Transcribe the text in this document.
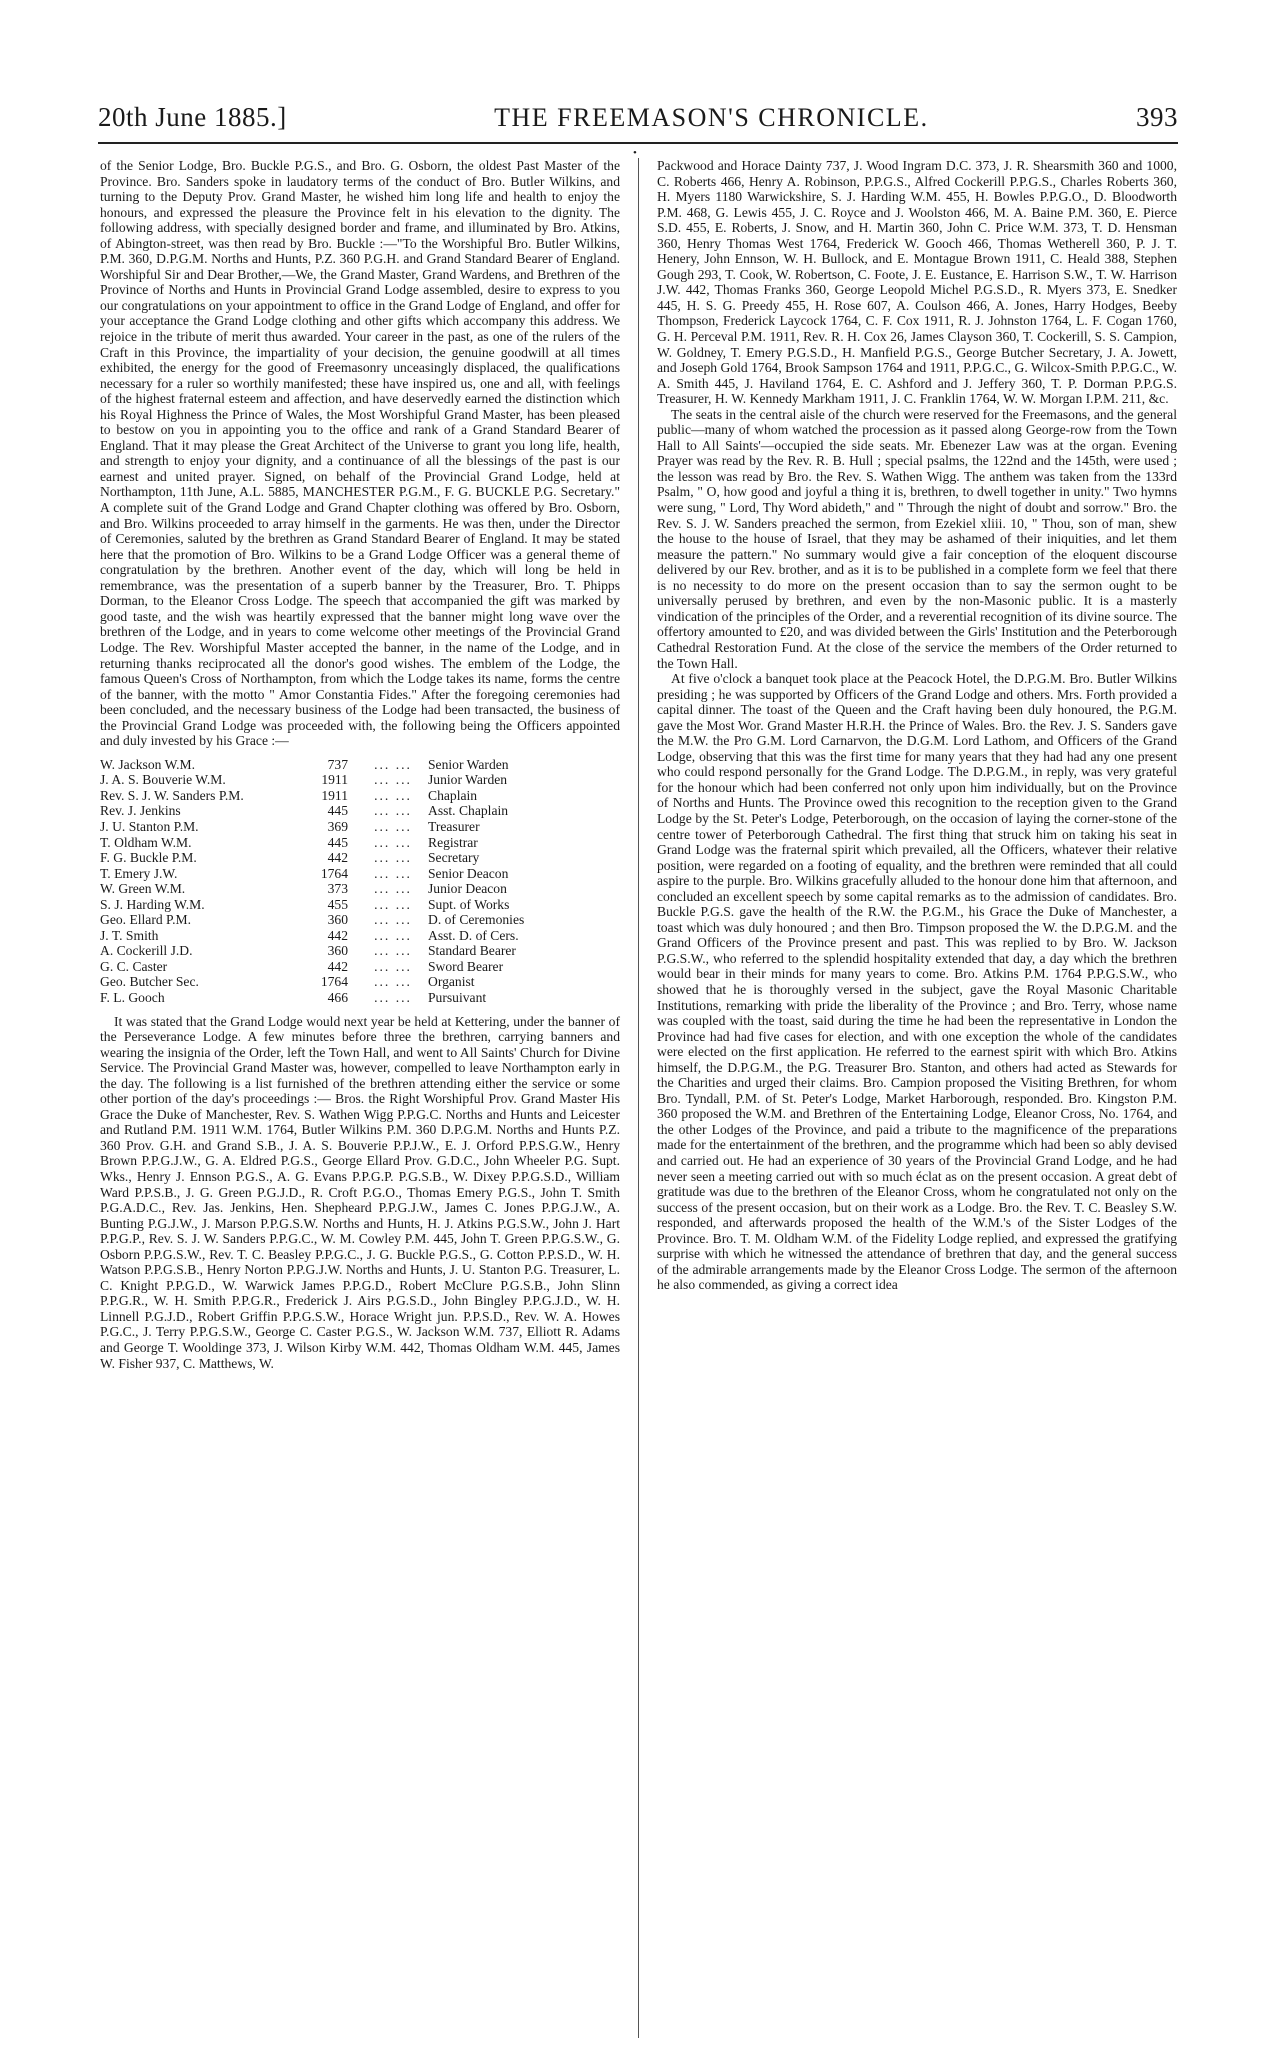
20th June 1885.]	THE FREEMASON'S CHRONICLE.	393
•

of the Senior Lodge, Bro. Buckle P.G.S., and Bro. G. Osborn, the oldest Past Master of the Province. Bro. Sanders spoke in laudatory terms of the conduct of Bro. Butler Wilkins, and turning to the Deputy Prov. Grand Master, he wished him long life and health to enjoy the honours, and expressed the pleasure the Province felt in his elevation to the dignity. The following address, with specially designed border and frame, and illuminated by Bro. Atkins, of Abington-street, was then read by Bro. Buckle :—"To the Worshipful Bro. Butler Wilkins, P.M. 360, D.P.G.M. Norths and Hunts, P.Z. 360 P.G.H. and Grand Standard Bearer of England. Worshipful Sir and Dear Brother,—We, the Grand Master, Grand Wardens, and Brethren of the Province of Norths and Hunts in Provincial Grand Lodge assembled, desire to express to you our congratulations on your appointment to office in the Grand Lodge of England, and offer for your acceptance the Grand Lodge clothing and other gifts which accompany this address. We rejoice in the tribute of merit thus awarded. Your career in the past, as one of the rulers of the Craft in this Province, the impartiality of your decision, the genuine goodwill at all times exhibited, the energy for the good of Freemasonry unceasingly displaced, the qualifications necessary for a ruler so worthily manifested; these have inspired us, one and all, with feelings of the highest fraternal esteem and affection, and have deservedly earned the distinction which his Royal Highness the Prince of Wales, the Most Worshipful Grand Master, has been pleased to bestow on you in appointing you to the office and rank of a Grand Standard Bearer of England. That it may please the Great Architect of the Universe to grant you long life, health, and strength to enjoy your dignity, and a continuance of all the blessings of the past is our earnest and united prayer. Signed, on behalf of the Provincial Grand Lodge, held at Northampton, 11th June, A.L. 5885, MANCHESTER P.G.M., F. G. BUCKLE P.G. Secretary." A complete suit of the Grand Lodge and Grand Chapter clothing was offered by Bro. Osborn, and Bro. Wilkins proceeded to array himself in the garments. He was then, under the Director of Ceremonies, saluted by the brethren as Grand Standard Bearer of England. It may be stated here that the promotion of Bro. Wilkins to be a Grand Lodge Officer was a general theme of congratulation by the brethren. Another event of the day, which will long be held in remembrance, was the presentation of a superb banner by the Treasurer, Bro. T. Phipps Dorman, to the Eleanor Cross Lodge. The speech that accompanied the gift was marked by good taste, and the wish was heartily expressed that the banner might long wave over the brethren of the Lodge, and in years to come welcome other meetings of the Provincial Grand Lodge. The Rev. Worshipful Master accepted the banner, in the name of the Lodge, and in returning thanks reciprocated all the donor's good wishes. The emblem of the Lodge, the famous Queen's Cross of Northampton, from which the Lodge takes its name, forms the centre of the banner, with the motto " Amor Constantia Fides." After the foregoing ceremonies had been concluded, and the necessary business of the Lodge had been transacted, the business of the Provincial Grand Lodge was proceeded with, the following being the Officers appointed and duly invested by his Grace :—

W. Jackson W.M.	737	... ...	Senior Warden
J. A. S. Bouverie W.M.	1911	... ...	Junior Warden
Rev. S. J. W. Sanders P.M.	1911	... ...	Chaplain
Rev. J. Jenkins	445	... ...	Asst. Chaplain
J. U. Stanton P.M.	369	... ...	Treasurer
T. Oldham W.M.	445	... ...	Registrar
F. G. Buckle P.M.	442	... ...	Secretary
T. Emery J.W.	1764	... ...	Senior Deacon
W. Green W.M.	373	... ...	Junior Deacon
S. J. Harding W.M.	455	... ...	Supt. of Works
Geo. Ellard P.M.	360	... ...	D. of Ceremonies
J. T. Smith	442	... ...	Asst. D. of Cers.
A. Cockerill J.D.	360	... ...	Standard Bearer
G. C. Caster	442	... ...	Sword Bearer
Geo. Butcher Sec.	1764	... ...	Organist
F. L. Gooch	466	... ...	Pursuivant

It was stated that the Grand Lodge would next year be held at Kettering, under the banner of the Perseverance Lodge. A few minutes before three the brethren, carrying banners and wearing the insignia of the Order, left the Town Hall, and went to All Saints' Church for Divine Service. The Provincial Grand Master was, however, compelled to leave Northampton early in the day. The following is a list furnished of the brethren attending either the service or some other portion of the day's proceedings :— Bros. the Right Worshipful Prov. Grand Master His Grace the Duke of Manchester, Rev. S. Wathen Wigg P.P.G.C. Norths and Hunts and Leicester and Rutland P.M. 1911 W.M. 1764, Butler Wilkins P.M. 360 D.P.G.M. Norths and Hunts P.Z. 360 Prov. G.H. and Grand S.B., J. A. S. Bouverie P.P.J.W., E. J. Orford P.P.S.G.W., Henry Brown P.P.G.J.W., G. A. Eldred P.G.S., George Ellard Prov. G.D.C., John Wheeler P.G. Supt. Wks., Henry J. Ennson P.G.S., A. G. Evans P.P.G.P. P.G.S.B., W. Dixey P.P.G.S.D., William Ward P.P.S.B., J. G. Green P.G.J.D., R. Croft P.G.O., Thomas Emery P.G.S., John T. Smith P.G.A.D.C., Rev. Jas. Jenkins, Hen. Shepheard P.P.G.J.W., James C. Jones P.P.G.J.W., A. Bunting P.G.J.W., J. Marson P.P.G.S.W. Norths and Hunts, H. J. Atkins P.G.S.W., John J. Hart P.P.G.P., Rev. S. J. W. Sanders P.P.G.C., W. M. Cowley P.M. 445, John T. Green P.P.G.S.W., G. Osborn P.P.G.S.W., Rev. T. C. Beasley P.P.G.C., J. G. Buckle P.G.S., G. Cotton P.P.S.D., W. H. Watson P.P.G.S.B., Henry Norton P.P.G.J.W. Norths and Hunts, J. U. Stanton P.G. Treasurer, L. C. Knight P.P.G.D., W. Warwick James P.P.G.D., Robert McClure P.G.S.B., John Slinn P.P.G.R., W. H. Smith P.P.G.R., Frederick J. Airs P.G.S.D., John Bingley P.P.G.J.D., W. H. Linnell P.G.J.D., Robert Griffin P.P.G.S.W., Horace Wright jun. P.P.S.D., Rev. W. A. Howes P.G.C., J. Terry P.P.G.S.W., George C. Caster P.G.S., W. Jackson W.M. 737, Elliott R. Adams and George T. Wooldinge 373, J. Wilson Kirby W.M. 442, Thomas Oldham W.M. 445, James W. Fisher 937, C. Matthews, W.

Packwood and Horace Dainty 737, J. Wood Ingram D.C. 373, J. R. Shearsmith 360 and 1000, C. Roberts 466, Henry A. Robinson, P.P.G.S., Alfred Cockerill P.P.G.S., Charles Roberts 360, H. Myers 1180 Warwickshire, S. J. Harding W.M. 455, H. Bowles P.P.G.O., D. Bloodworth P.M. 468, G. Lewis 455, J. C. Royce and J. Woolston 466, M. A. Baine P.M. 360, E. Pierce S.D. 455, E. Roberts, J. Snow, and H. Martin 360, John C. Price W.M. 373, T. D. Hensman 360, Henry Thomas West 1764, Frederick W. Gooch 466, Thomas Wetherell 360, P. J. T. Henery, John Ennson, W. H. Bullock, and E. Montague Brown 1911, C. Heald 388, Stephen Gough 293, T. Cook, W. Robertson, C. Foote, J. E. Eustance, E. Harrison S.W., T. W. Harrison J.W. 442, Thomas Franks 360, George Leopold Michel P.G.S.D., R. Myers 373, E. Snedker 445, H. S. G. Preedy 455, H. Rose 607, A. Coulson 466, A. Jones, Harry Hodges, Beeby Thompson, Frederick Laycock 1764, C. F. Cox 1911, R. J. Johnston 1764, L. F. Cogan 1760, G. H. Perceval P.M. 1911, Rev. R. H. Cox 26, James Clayson 360, T. Cockerill, S. S. Campion, W. Goldney, T. Emery P.G.S.D., H. Manfield P.G.S., George Butcher Secretary, J. A. Jowett, and Joseph Gold 1764, Brook Sampson 1764 and 1911, P.P.G.C., G. Wilcox-Smith P.P.G.C., W. A. Smith 445, J. Haviland 1764, E. C. Ashford and J. Jeffery 360, T. P. Dorman P.P.G.S. Treasurer, H. W. Kennedy Markham 1911, J. C. Franklin 1764, W. W. Morgan I.P.M. 211, &c.

The seats in the central aisle of the church were reserved for the Freemasons, and the general public—many of whom watched the procession as it passed along George-row from the Town Hall to All Saints'—occupied the side seats. Mr. Ebenezer Law was at the organ. Evening Prayer was read by the Rev. R. B. Hull ; special psalms, the 122nd and the 145th, were used ; the lesson was read by Bro. the Rev. S. Wathen Wigg. The anthem was taken from the 133rd Psalm, " O, how good and joyful a thing it is, brethren, to dwell together in unity." Two hymns were sung, " Lord, Thy Word abideth," and " Through the night of doubt and sorrow." Bro. the Rev. S. J. W. Sanders preached the sermon, from Ezekiel xliii. 10, " Thou, son of man, shew the house to the house of Israel, that they may be ashamed of their iniquities, and let them measure the pattern." No summary would give a fair conception of the eloquent discourse delivered by our Rev. brother, and as it is to be published in a complete form we feel that there is no necessity to do more on the present occasion than to say the sermon ought to be universally perused by brethren, and even by the non-Masonic public. It is a masterly vindication of the principles of the Order, and a reverential recognition of its divine source. The offertory amounted to £20, and was divided between the Girls' Institution and the Peterborough Cathedral Restoration Fund. At the close of the service the members of the Order returned to the Town Hall.

At five o'clock a banquet took place at the Peacock Hotel, the D.P.G.M. Bro. Butler Wilkins presiding ; he was supported by Officers of the Grand Lodge and others. Mrs. Forth provided a capital dinner. The toast of the Queen and the Craft having been duly honoured, the P.G.M. gave the Most Wor. Grand Master H.R.H. the Prince of Wales. Bro. the Rev. J. S. Sanders gave the M.W. the Pro G.M. Lord Carnarvon, the D.G.M. Lord Lathom, and Officers of the Grand Lodge, observing that this was the first time for many years that they had had any one present who could respond personally for the Grand Lodge. The D.P.G.M., in reply, was very grateful for the honour which had been conferred not only upon him individually, but on the Province of Norths and Hunts. The Province owed this recognition to the reception given to the Grand Lodge by the St. Peter's Lodge, Peterborough, on the occasion of laying the corner-stone of the centre tower of Peterborough Cathedral. The first thing that struck him on taking his seat in Grand Lodge was the fraternal spirit which prevailed, all the Officers, whatever their relative position, were regarded on a footing of equality, and the brethren were reminded that all could aspire to the purple. Bro. Wilkins gracefully alluded to the honour done him that afternoon, and concluded an excellent speech by some capital remarks as to the admission of candidates. Bro. Buckle P.G.S. gave the health of the R.W. the P.G.M., his Grace the Duke of Manchester, a toast which was duly honoured ; and then Bro. Timpson proposed the W. the D.P.G.M. and the Grand Officers of the Province present and past. This was replied to by Bro. W. Jackson P.G.S.W., who referred to the splendid hospitality extended that day, a day which the brethren would bear in their minds for many years to come. Bro. Atkins P.M. 1764 P.P.G.S.W., who showed that he is thoroughly versed in the subject, gave the Royal Masonic Charitable Institutions, remarking with pride the liberality of the Province ; and Bro. Terry, whose name was coupled with the toast, said during the time he had been the representative in London the Province had had five cases for election, and with one exception the whole of the candidates were elected on the first application. He referred to the earnest spirit with which Bro. Atkins himself, the D.P.G.M., the P.G. Treasurer Bro. Stanton, and others had acted as Stewards for the Charities and urged their claims. Bro. Campion proposed the Visiting Brethren, for whom Bro. Tyndall, P.M. of St. Peter's Lodge, Market Harborough, responded. Bro. Kingston P.M. 360 proposed the W.M. and Brethren of the Entertaining Lodge, Eleanor Cross, No. 1764, and the other Lodges of the Province, and paid a tribute to the magnificence of the preparations made for the entertainment of the brethren, and the programme which had been so ably devised and carried out. He had an experience of 30 years of the Provincial Grand Lodge, and he had never seen a meeting carried out with so much éclat as on the present occasion. A great debt of gratitude was due to the brethren of the Eleanor Cross, whom he congratulated not only on the success of the present occasion, but on their work as a Lodge. Bro. the Rev. T. C. Beasley S.W. responded, and afterwards proposed the health of the W.M.'s of the Sister Lodges of the Province. Bro. T. M. Oldham W.M. of the Fidelity Lodge replied, and expressed the gratifying surprise with which he witnessed the attendance of brethren that day, and the general success of the admirable arrangements made by the Eleanor Cross Lodge. The sermon of the afternoon he also commended, as giving a correct idea
